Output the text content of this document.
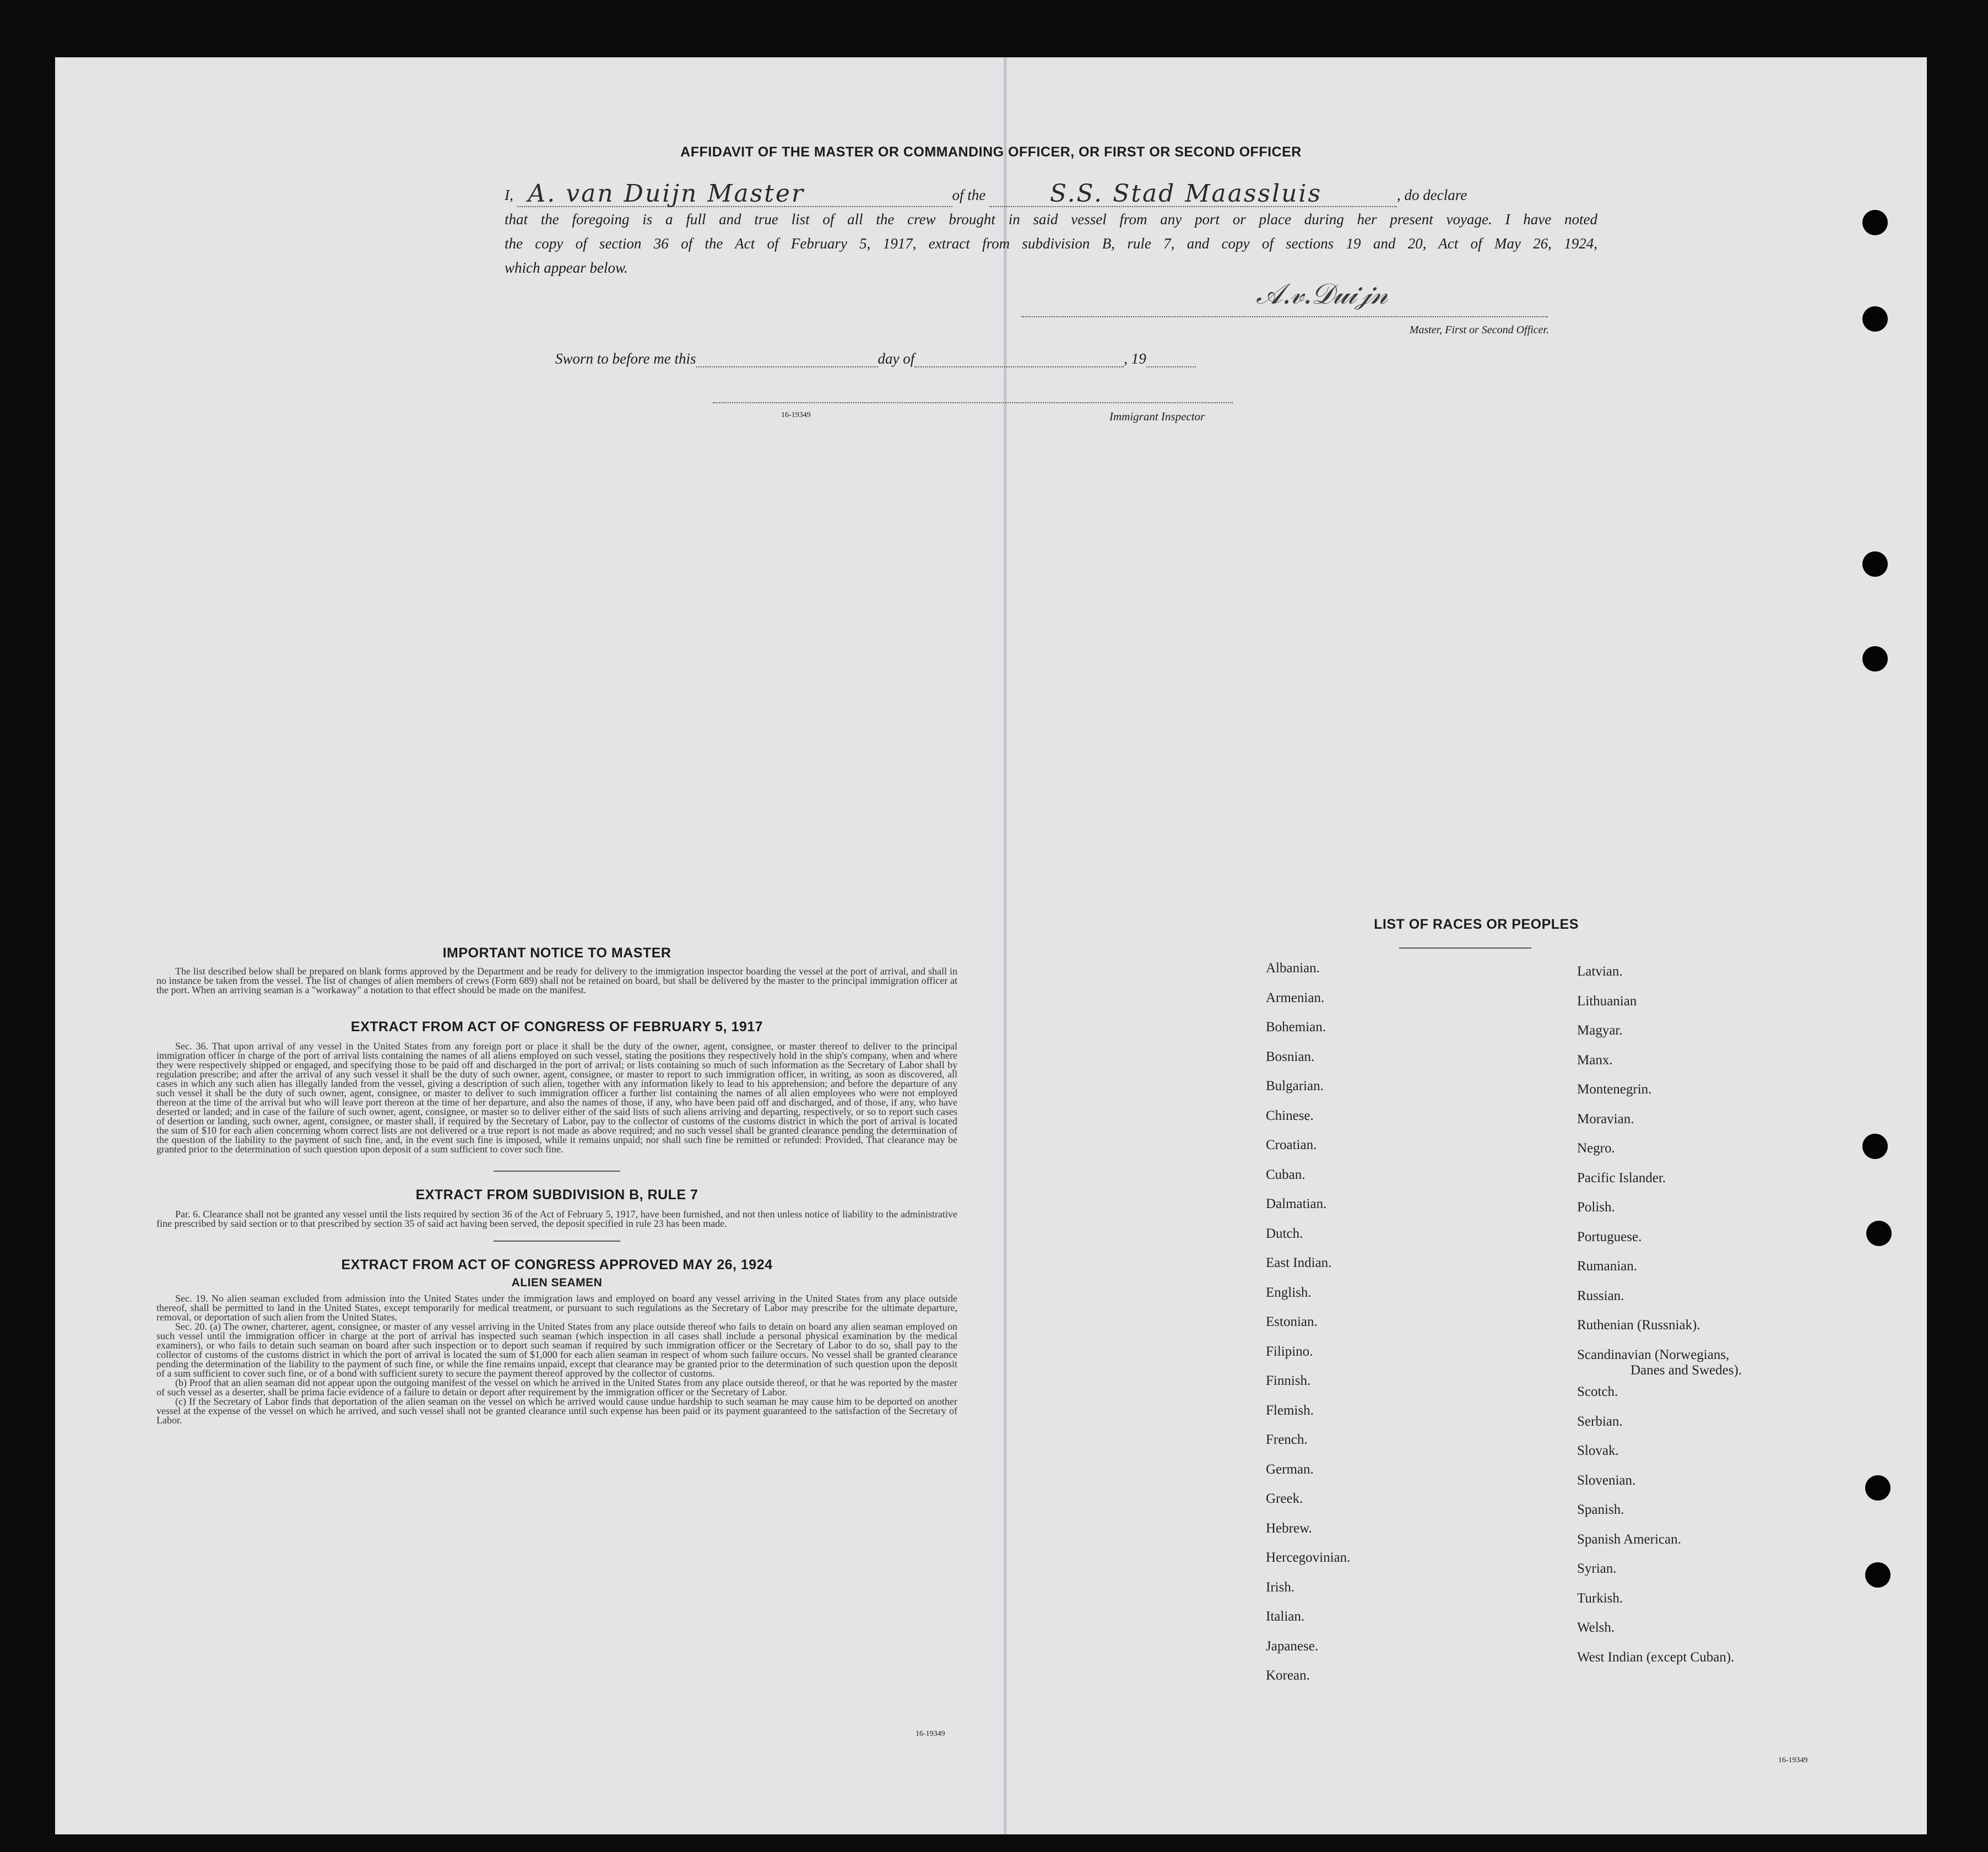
AFFIDAVIT OF THE MASTER OR COMMANDING OFFICER, OR FIRST OR SECOND OFFICER
I, A. van Duijn Master	of the	S.S. Stad Maassluis	, do declare
that the foregoing is a full and true list of all the crew brought in said vessel from any port or place during her present voyage. I have noted
the copy of section 36 of the Act of February 5, 1917, extract from subdivision B, rule 7, and copy of sections 19 and 20, Act of May 26, 1924,
which appear below.
𝒜.𝓋.𝒟𝓊𝒾𝒿𝓃
Master, First or Second Officer.
Sworn to before me this	day of	, 19
16-19349	Immigrant Inspector
IMPORTANT NOTICE TO MASTER

The list described below shall be prepared on blank forms approved by the Department and be ready for delivery to the immigration inspector boarding the vessel at the port of arrival, and shall in no instance be taken from the vessel. The list of changes of alien members of crews (Form 689) shall not be retained on board, but shall be delivered by the master to the principal immigration officer at the port. When an arriving seaman is a "workaway" a notation to that effect should be made on the manifest.

EXTRACT FROM ACT OF CONGRESS OF FEBRUARY 5, 1917

Sec. 36. That upon arrival of any vessel in the United States from any foreign port or place it shall be the duty of the owner, agent, consignee, or master thereof to deliver to the principal immigration officer in charge of the port of arrival lists containing the names of all aliens employed on such vessel, stating the positions they respectively hold in the ship's company, when and where they were respectively shipped or engaged, and specifying those to be paid off and discharged in the port of arrival; or lists containing so much of such information as the Secretary of Labor shall by regulation prescribe; and after the arrival of any such vessel it shall be the duty of such owner, agent, consignee, or master to report to such immigration officer, in writing, as soon as discovered, all cases in which any such alien has illegally landed from the vessel, giving a description of such alien, together with any information likely to lead to his apprehension; and before the departure of any such vessel it shall be the duty of such owner, agent, consignee, or master to deliver to such immigration officer a further list containing the names of all alien employees who were not employed thereon at the time of the arrival but who will leave port thereon at the time of her departure, and also the names of those, if any, who have been paid off and discharged, and of those, if any, who have deserted or landed; and in case of the failure of such owner, agent, consignee, or master so to deliver either of the said lists of such aliens arriving and departing, respectively, or so to report such cases of desertion or landing, such owner, agent, consignee, or master shall, if required by the Secretary of Labor, pay to the collector of customs of the customs district in which the port of arrival is located the sum of $10 for each alien concerning whom correct lists are not delivered or a true report is not made as above required; and no such vessel shall be granted clearance pending the determination of the question of the liability to the payment of such fine, and, in the event such fine is imposed, while it remains unpaid; nor shall such fine be remitted or refunded: Provided, That clearance may be granted prior to the determination of such question upon deposit of a sum sufficient to cover such fine.

EXTRACT FROM SUBDIVISION B, RULE 7

Par. 6. Clearance shall not be granted any vessel until the lists required by section 36 of the Act of February 5, 1917, have been furnished, and not then unless notice of liability to the administrative fine prescribed by said section or to that prescribed by section 35 of said act having been served, the deposit specified in rule 23 has been made.

EXTRACT FROM ACT OF CONGRESS APPROVED MAY 26, 1924
ALIEN SEAMEN

Sec. 19. No alien seaman excluded from admission into the United States under the immigration laws and employed on board any vessel arriving in the United States from any place outside thereof, shall be permitted to land in the United States, except temporarily for medical treatment, or pursuant to such regulations as the Secretary of Labor may prescribe for the ultimate departure, removal, or deportation of such alien from the United States.

Sec. 20. (a) The owner, charterer, agent, consignee, or master of any vessel arriving in the United States from any place outside thereof who fails to detain on board any alien seaman employed on such vessel until the immigration officer in charge at the port of arrival has inspected such seaman (which inspection in all cases shall include a personal physical examination by the medical examiners), or who fails to detain such seaman on board after such inspection or to deport such seaman if required by such immigration officer or the Secretary of Labor to do so, shall pay to the collector of customs of the customs district in which the port of arrival is located the sum of $1,000 for each alien seaman in respect of whom such failure occurs. No vessel shall be granted clearance pending the determination of the liability to the payment of such fine, or while the fine remains unpaid, except that clearance may be granted prior to the determination of such question upon the deposit of a sum sufficient to cover such fine, or of a bond with sufficient surety to secure the payment thereof approved by the collector of customs.

(b) Proof that an alien seaman did not appear upon the outgoing manifest of the vessel on which he arrived in the United States from any place outside thereof, or that he was reported by the master of such vessel as a deserter, shall be prima facie evidence of a failure to detain or deport after requirement by the immigration officer or the Secretary of Labor.

(c) If the Secretary of Labor finds that deportation of the alien seaman on the vessel on which he arrived would cause undue hardship to such seaman he may cause him to be deported on another vessel at the expense of the vessel on which he arrived, and such vessel shall not be granted clearance until such expense has been paid or its payment guaranteed to the satisfaction of the Secretary of Labor.

16-19349
LIST OF RACES OR PEOPLES
16-19349
Albanian.
Armenian.
Bohemian.
Bosnian.
Bulgarian.
Chinese.
Croatian.
Cuban.
Dalmatian.
Dutch.
East Indian.
English.
Estonian.
Filipino.
Finnish.
Flemish.
French.
German.
Greek.
Hebrew.
Hercegovinian.
Irish.
Italian.
Japanese.
Korean.
Latvian.
Lithuanian
Magyar.
Manx.
Montenegrin.
Moravian.
Negro.
Pacific Islander.
Polish.
Portuguese.
Rumanian.
Russian.
Ruthenian (Russniak).
Scandinavian (Norwegians,
Danes and Swedes).
Scotch.
Serbian.
Slovak.
Slovenian.
Spanish.
Spanish American.
Syrian.
Turkish.
Welsh.
West Indian (except Cuban).
